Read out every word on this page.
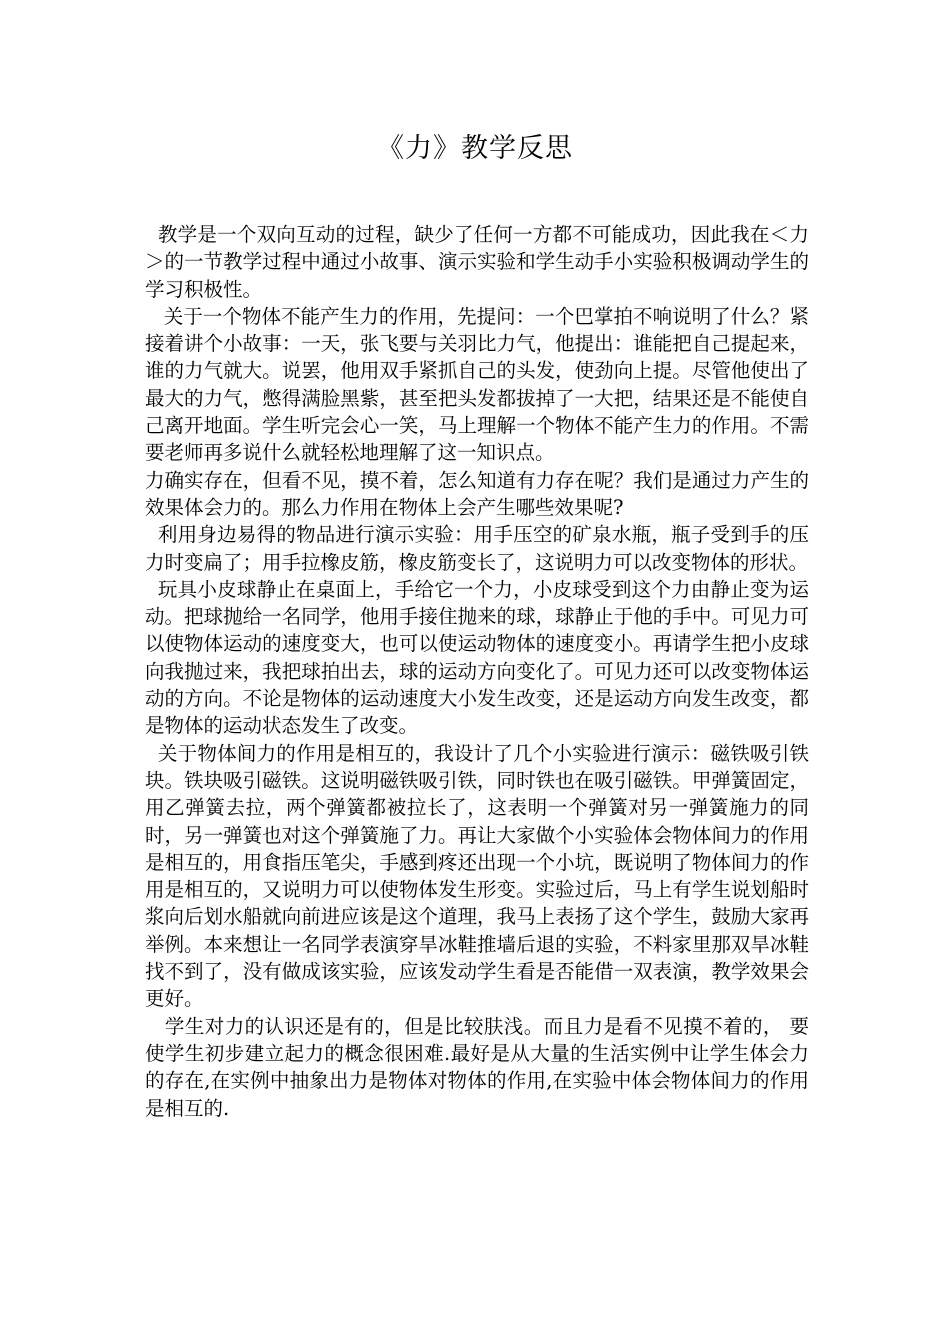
《力》教学反思

教学是一个双向互动的过程，缺少了任何一方都不可能成功，因此我在＜力＞的一节教学过程中通过小故事、演示实验和学生动手小实验积极调动学生的学习积极性。

关于一个物体不能产生力的作用，先提问：一个巴掌拍不响说明了什么？紧接着讲个小故事：一天，张飞要与关羽比力气，他提出：谁能把自己提起来，谁的力气就大。说罢，他用双手紧抓自己的头发，使劲向上提。尽管他使出了最大的力气，憋得满脸黑紫，甚至把头发都拔掉了一大把，结果还是不能使自己离开地面。学生听完会心一笑，马上理解一个物体不能产生力的作用。不需要老师再多说什么就轻松地理解了这一知识点。

力确实存在，但看不见，摸不着，怎么知道有力存在呢？我们是通过力产生的效果体会力的。那么力作用在物体上会产生哪些效果呢?

利用身边易得的物品进行演示实验：用手压空的矿泉水瓶，瓶子受到手的压力时变扁了；用手拉橡皮筋，橡皮筋变长了，这说明力可以改变物体的形状。

玩具小皮球静止在桌面上，手给它一个力，小皮球受到这个力由静止变为运动。把球抛给一名同学，他用手接住抛来的球，球静止于他的手中。可见力可以使物体运动的速度变大，也可以使运动物体的速度变小。再请学生把小皮球向我抛过来，我把球拍出去，球的运动方向变化了。可见力还可以改变物体运动的方向。不论是物体的运动速度大小发生改变，还是运动方向发生改变，都是物体的运动状态发生了改变。

关于物体间力的作用是相互的，我设计了几个小实验进行演示：磁铁吸引铁块。铁块吸引磁铁。这说明磁铁吸引铁，同时铁也在吸引磁铁。甲弹簧固定，用乙弹簧去拉，两个弹簧都被拉长了，这表明一个弹簧对另一弹簧施力的同时，另一弹簧也对这个弹簧施了力。再让大家做个小实验体会物体间力的作用是相互的，用食指压笔尖，手感到疼还出现一个小坑，既说明了物体间力的作用是相互的，又说明力可以使物体发生形变。实验过后，马上有学生说划船时浆向后划水船就向前进应该是这个道理，我马上表扬了这个学生，鼓励大家再举例。本来想让一名同学表演穿旱冰鞋推墙后退的实验，不料家里那双旱冰鞋找不到了，没有做成该实验，应该发动学生看是否能借一双表演，教学效果会更好。

学生对力的认识还是有的，但是比较肤浅。而且力是看不见摸不着的， 要使学生初步建立起力的概念很困难.最好是从大量的生活实例中让学生体会力的存在,在实例中抽象出力是物体对物体的作用,在实验中体会物体间力的作用是相互的.
